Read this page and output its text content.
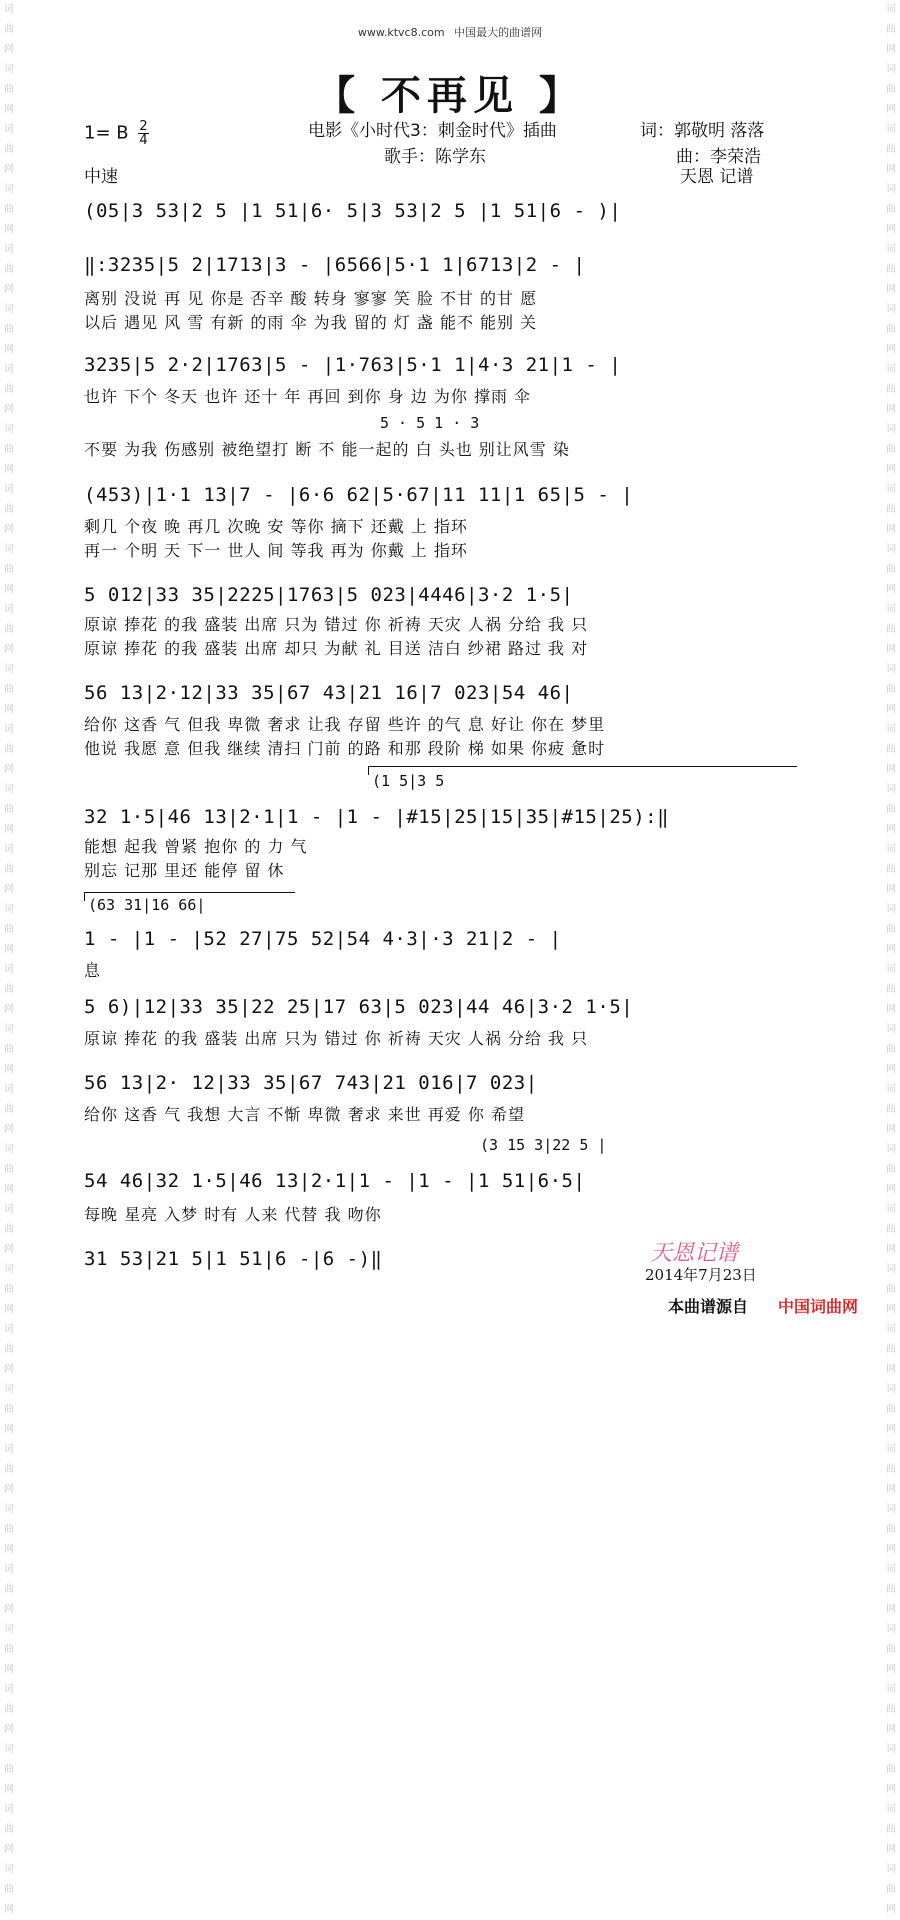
词曲网词曲网词曲网词曲网词曲网词曲网词曲网词曲网词曲网词曲网词曲网词曲网词曲网词曲网词曲网词曲网词曲网词曲网词曲网词曲网词曲网词曲网词曲网词曲网词曲网词曲网词曲网词曲网词曲网词曲网词曲网词曲网
词曲网词曲网词曲网词曲网词曲网词曲网词曲网词曲网词曲网词曲网词曲网词曲网词曲网词曲网词曲网词曲网词曲网词曲网词曲网词曲网词曲网词曲网词曲网词曲网词曲网词曲网词曲网词曲网词曲网词曲网词曲网词曲网
www.ktvc8.com 中国最大的曲谱网
【 不再见 】
1= B $\frac{2}{4}$
中速
电影《小时代3：刺金时代》插曲
歌手：陈学东
词：郭敬明 落落
曲：李荣浩
天恩 记谱
(05|3 53|2 5 |1 51|6· 5|3 53|2 5 |1 51|6 - )|
‖:3235|5 2|1713|3 - |6566|5·1 1|6713|2 - |
离别 没说 再 见 你是 否辛 酸 转身 寥寥 笑 脸 不甘 的甘 愿
以后 遇见 风 雪 有新 的雨 伞 为我 留的 灯 盏 能不 能别 关
3235|5 2·2|1763|5 - |1·763|5·1 1|4·3 21|1 - |
也许 下个 冬天 也许 还十 年 再回 到你 身 边 为你 撑雨 伞
5 · 5 1 · 3
不要 为我 伤感别 被绝望打 断 不 能一起的 白 头也 别让风雪 染
(453)|1·1 13|7 - |6·6 62|5·67|11 11|1 65|5 - |
剩几 个夜 晚 再几 次晚 安 等你 摘下 还戴 上 指环
再一 个明 天 下一 世人 间 等我 再为 你戴 上 指环
5 012|33 35|2225|1763|5 023|4446|3·2 1·5|
原谅 捧花 的我 盛装 出席 只为 错过 你 祈祷 天灾 人祸 分给 我 只
原谅 捧花 的我 盛装 出席 却只 为献 礼 目送 洁白 纱裙 路过 我 对
56 13|2·12|33 35|67 43|21 16|7 023|54 46|
给你 这香 气 但我 卑微 奢求 让我 存留 些许 的气 息 好让 你在 梦里
他说 我愿 意 但我 继续 清扫 门前 的路 和那 段阶 梯 如果 你疲 惫时
(1 5|3 5
32 1·5|46 13|2·1|1 - |1 - |#15|25|15|35|#15|25):‖
能想 起我 曾紧 抱你 的 力 气
别忘 记那 里还 能停 留 休
(63 31|16 66|
1 - |1 - |52 27|75 52|54 4·3|·3 21|2 - |
息
5 6)|12|33 35|22 25|17 63|5 023|44 46|3·2 1·5|
原谅 捧花 的我 盛装 出席 只为 错过 你 祈祷 天灾 人祸 分给 我 只
56 13|2· 12|33 35|67 743|21 016|7 023|
给你 这香 气 我想 大言 不惭 卑微 奢求 来世 再爱 你 希望
(3 15 3|22 5 |
54 46|32 1·5|46 13|2·1|1 - |1 - |1 51|6·5|
每晚 星亮 入梦 时有 人来 代替 我 吻你
31 53|21 5|1 51|6 -|6 -)‖	天恩记谱
2014年7月23日
本曲谱源自 中国词曲网
